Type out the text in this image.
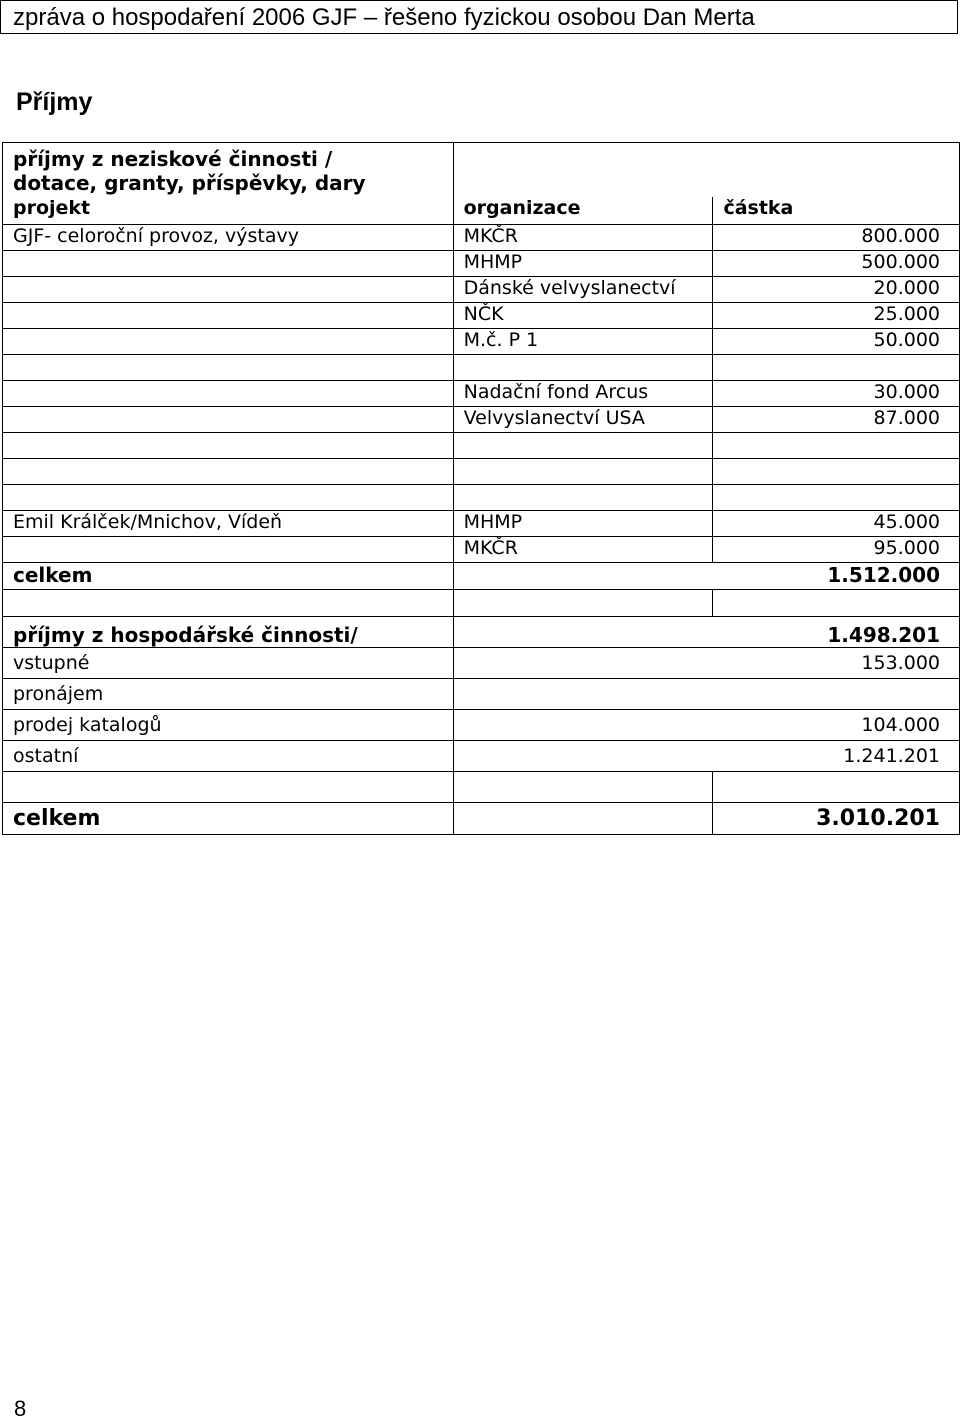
zpráva o hospodaření 2006 GJF – řešeno fyzickou osobou Dan Merta
Příjmy
příjmy z neziskové činnosti /		
dotace, granty, příspěvky, dary		
projekt	organizace	částka
GJF- celoroční provoz, výstavy	MKČR	800.000
	MHMP	500.000
	Dánské velvyslanectví	20.000
	NČK	25.000
	M.č. P 1	50.000

	Nadační fond Arcus	30.000
	Velvyslanectví USA	87.000

Emil Králček/Mnichov, Vídeň	MHMP	45.000
	MKČR	95.000
celkem	1.512.000	

příjmy z hospodářské činnosti/	1.498.201	
vstupné	153.000	
pronájem		
prodej katalogů	104.000	
ostatní	1.241.201	

celkem		3.010.201
8
